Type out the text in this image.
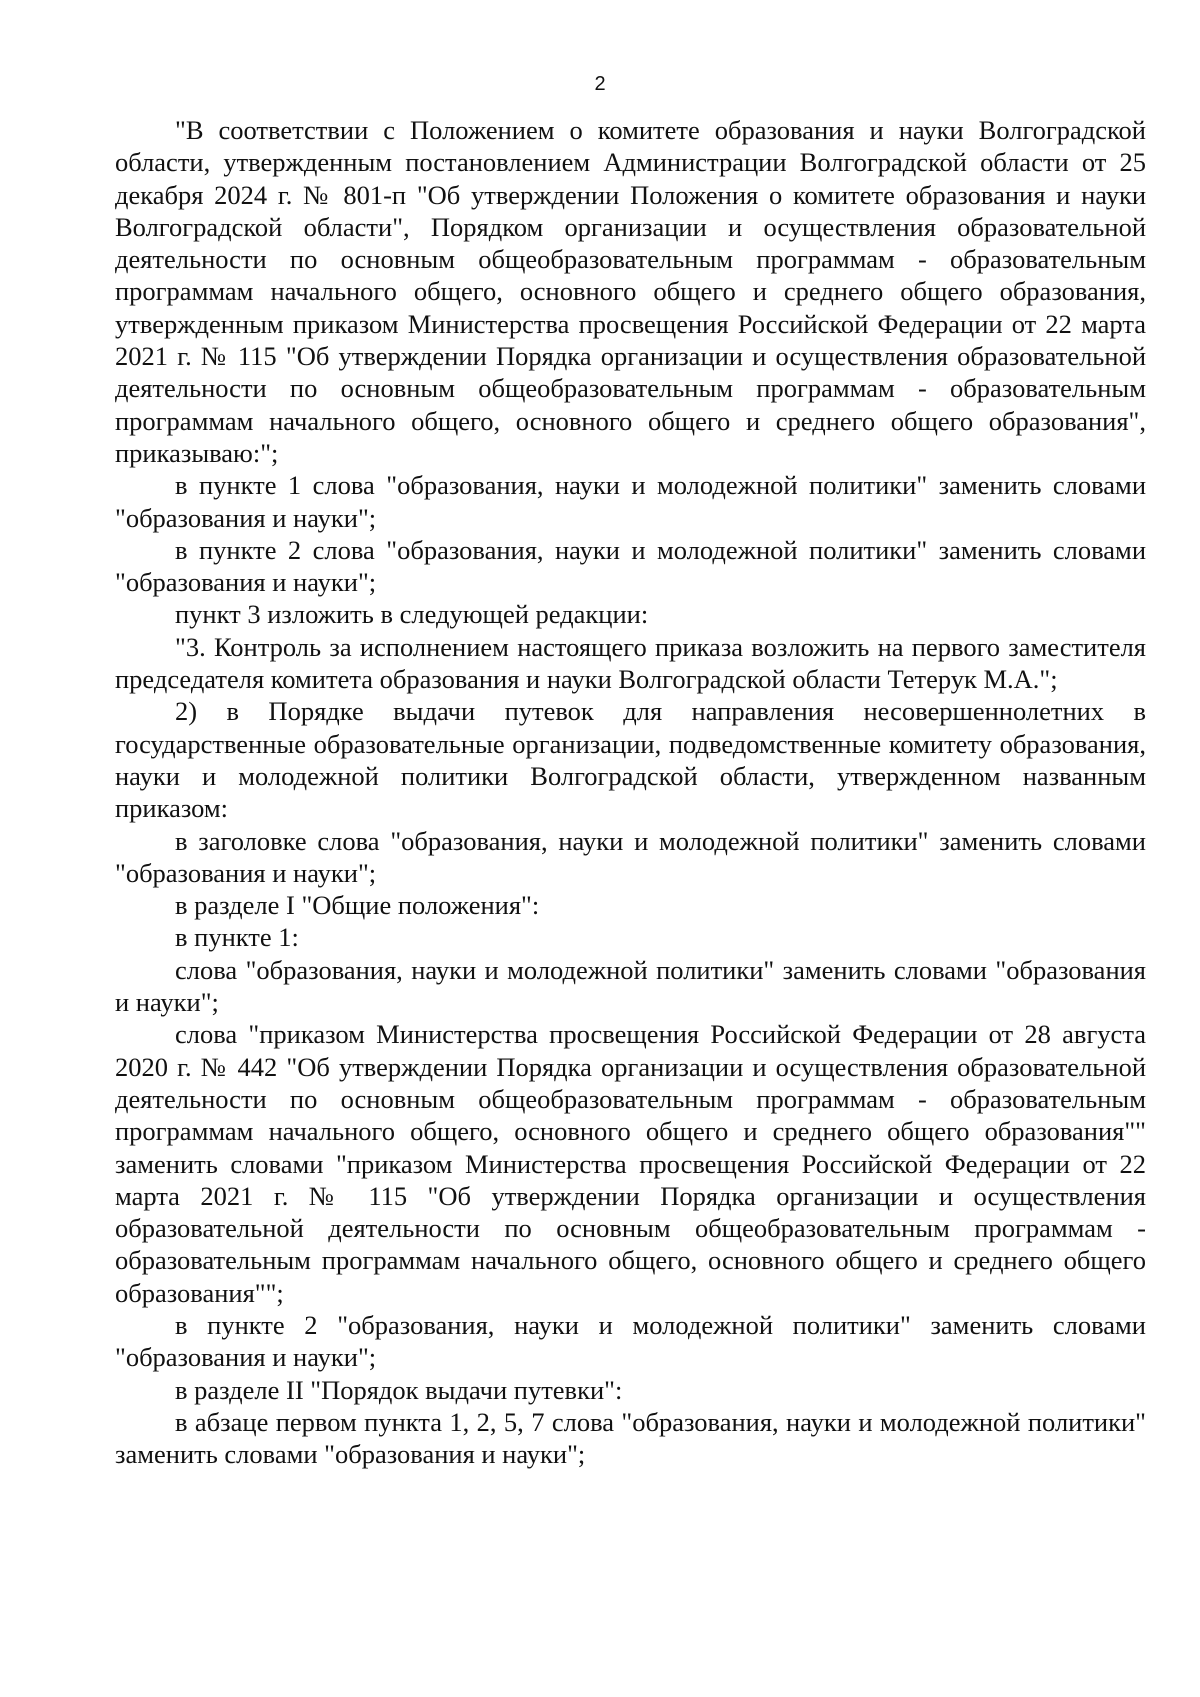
2

"В соответствии с Положением о комитете образования и науки Волгоградской области, утвержденным постановлением Администрации Волгоградской области от 25 декабря 2024 г. № 801-п "Об утверждении Положения о комитете образования и науки Волгоградской области", Порядком организации и осуществления образовательной деятельности по основным общеобразовательным программам - образовательным программам начального общего, основного общего и среднего общего образования, утвержденным приказом Министерства просвещения Российской Федерации от 22 марта 2021 г. № 115 "Об утверждении Порядка организации и осуществления образовательной деятельности по основным общеобразовательным программам - образовательным программам начального общего, основного общего и среднего общего образования", приказываю:";

в пункте 1 слова "образования, науки и молодежной политики" заменить словами "образования и науки";

в пункте 2 слова "образования, науки и молодежной политики" заменить словами "образования и науки";

пункт 3 изложить в следующей редакции:

"3. Контроль за исполнением настоящего приказа возложить на первого заместителя председателя комитета образования и науки Волгоградской области Тетерук М.А.";

2) в Порядке выдачи путевок для направления несовершеннолетних в государственные образовательные организации, подведомственные комитету образования, науки и молодежной политики Волгоградской области, утвержденном названным приказом:

в заголовке слова "образования, науки и молодежной политики" заменить словами "образования и науки";

в разделе I "Общие положения":

в пункте 1:

слова "образования, науки и молодежной политики" заменить словами "образования и науки";

слова "приказом Министерства просвещения Российской Федерации от 28 августа 2020 г. № 442 "Об утверждении Порядка организации и осуществления образовательной деятельности по основным общеобразовательным программам - образовательным программам начального общего, основного общего и среднего общего образования"" заменить словами "приказом Министерства просвещения Российской Федерации от 22 марта 2021 г. № 115 "Об утверждении Порядка организации и осуществления образовательной деятельности по основным общеобразовательным программам - образовательным программам начального общего, основного общего и среднего общего образования"";

в пункте 2 "образования, науки и молодежной политики" заменить словами "образования и науки";

в разделе II "Порядок выдачи путевки":

в абзаце первом пункта 1, 2, 5, 7 слова "образования, науки и молодежной политики" заменить словами "образования и науки";
